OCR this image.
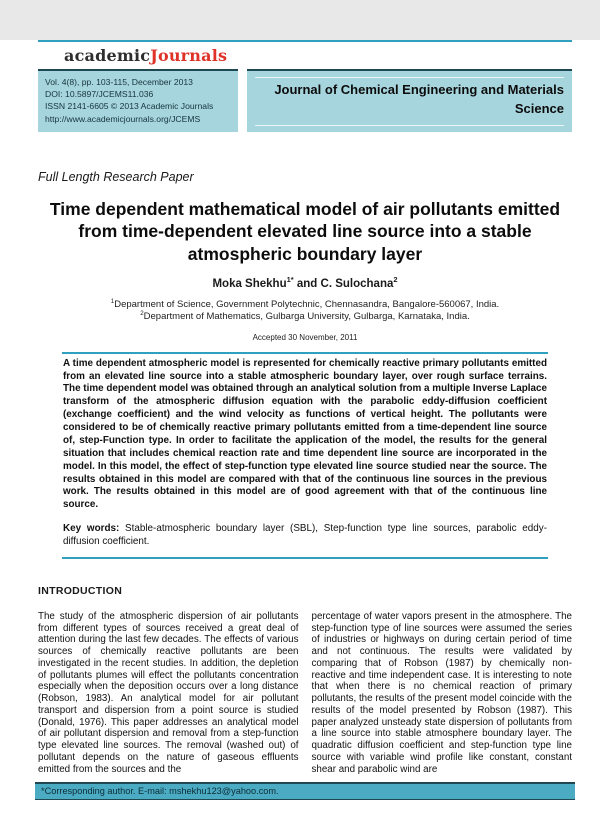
academicJournals
Vol. 4(8), pp. 103-115, December 2013
DOI: 10.5897/JCEMS11.036
ISSN 2141-6605 © 2013 Academic Journals
http://www.academicjournals.org/JCEMS
Journal of Chemical Engineering and Materials Science
Full Length Research Paper
Time dependent mathematical model of air pollutants emitted from time-dependent elevated line source into a stable atmospheric boundary layer
Moka Shekhu$^{1*}$ and C. Sulochana$^2$
$^1$Department of Science, Government Polytechnic, Chennasandra, Bangalore-560067, India.
$^2$Department of Mathematics, Gulbarga University, Gulbarga, Karnataka, India.
Accepted 30 November, 2011

A time dependent atmospheric model is represented for chemically reactive primary pollutants emitted from an elevated line source into a stable atmospheric boundary layer, over rough surface terrains. The time dependent model was obtained through an analytical solution from a multiple Inverse Laplace transform of the atmospheric diffusion equation with the parabolic eddy-diffusion coefficient (exchange coefficient) and the wind velocity as functions of vertical height. The pollutants were considered to be of chemically reactive primary pollutants emitted from a time-dependent line source of, step-Function type. In order to facilitate the application of the model, the results for the general situation that includes chemical reaction rate and time dependent line source are incorporated in the model. In this model, the effect of step-function type elevated line source studied near the source. The results obtained in this model are compared with that of the continuous line sources in the previous work. The results obtained in this model are of good agreement with that of the continuous line source.

Key words: Stable-atmospheric boundary layer (SBL), Step-function type line sources, parabolic eddy-diffusion coefficient.

INTRODUCTION

The study of the atmospheric dispersion of air pollutants from different types of sources received a great deal of attention during the last few decades. The effects of various sources of chemically reactive pollutants are been investigated in the recent studies. In addition, the depletion of pollutants plumes will effect the pollutants concentration especially when the deposition occurs over a long distance (Robson, 1983). An analytical model for air pollutant transport and dispersion from a point source is studied (Donald, 1976). This paper addresses an analytical model of air pollutant dispersion and removal from a step-function type elevated line sources. The removal (washed out) of pollutant depends on the nature of gaseous effluents emitted from the sources and the

percentage of water vapors present in the atmosphere. The step-function type of line sources were assumed the series of industries or highways on during certain period of time and not continuous. The results were validated by comparing that of Robson (1987) by chemically non-reactive and time independent case. It is interesting to note that when there is no chemical reaction of primary pollutants, the results of the present model coincide with the results of the model presented by Robson (1987). This paper analyzed unsteady state dispersion of pollutants from a line source into stable atmosphere boundary layer. The quadratic diffusion coefficient and step-function type line source with variable wind profile like constant, constant shear and parabolic wind are

*Corresponding author. E-mail: mshekhu123@yahoo.com.
